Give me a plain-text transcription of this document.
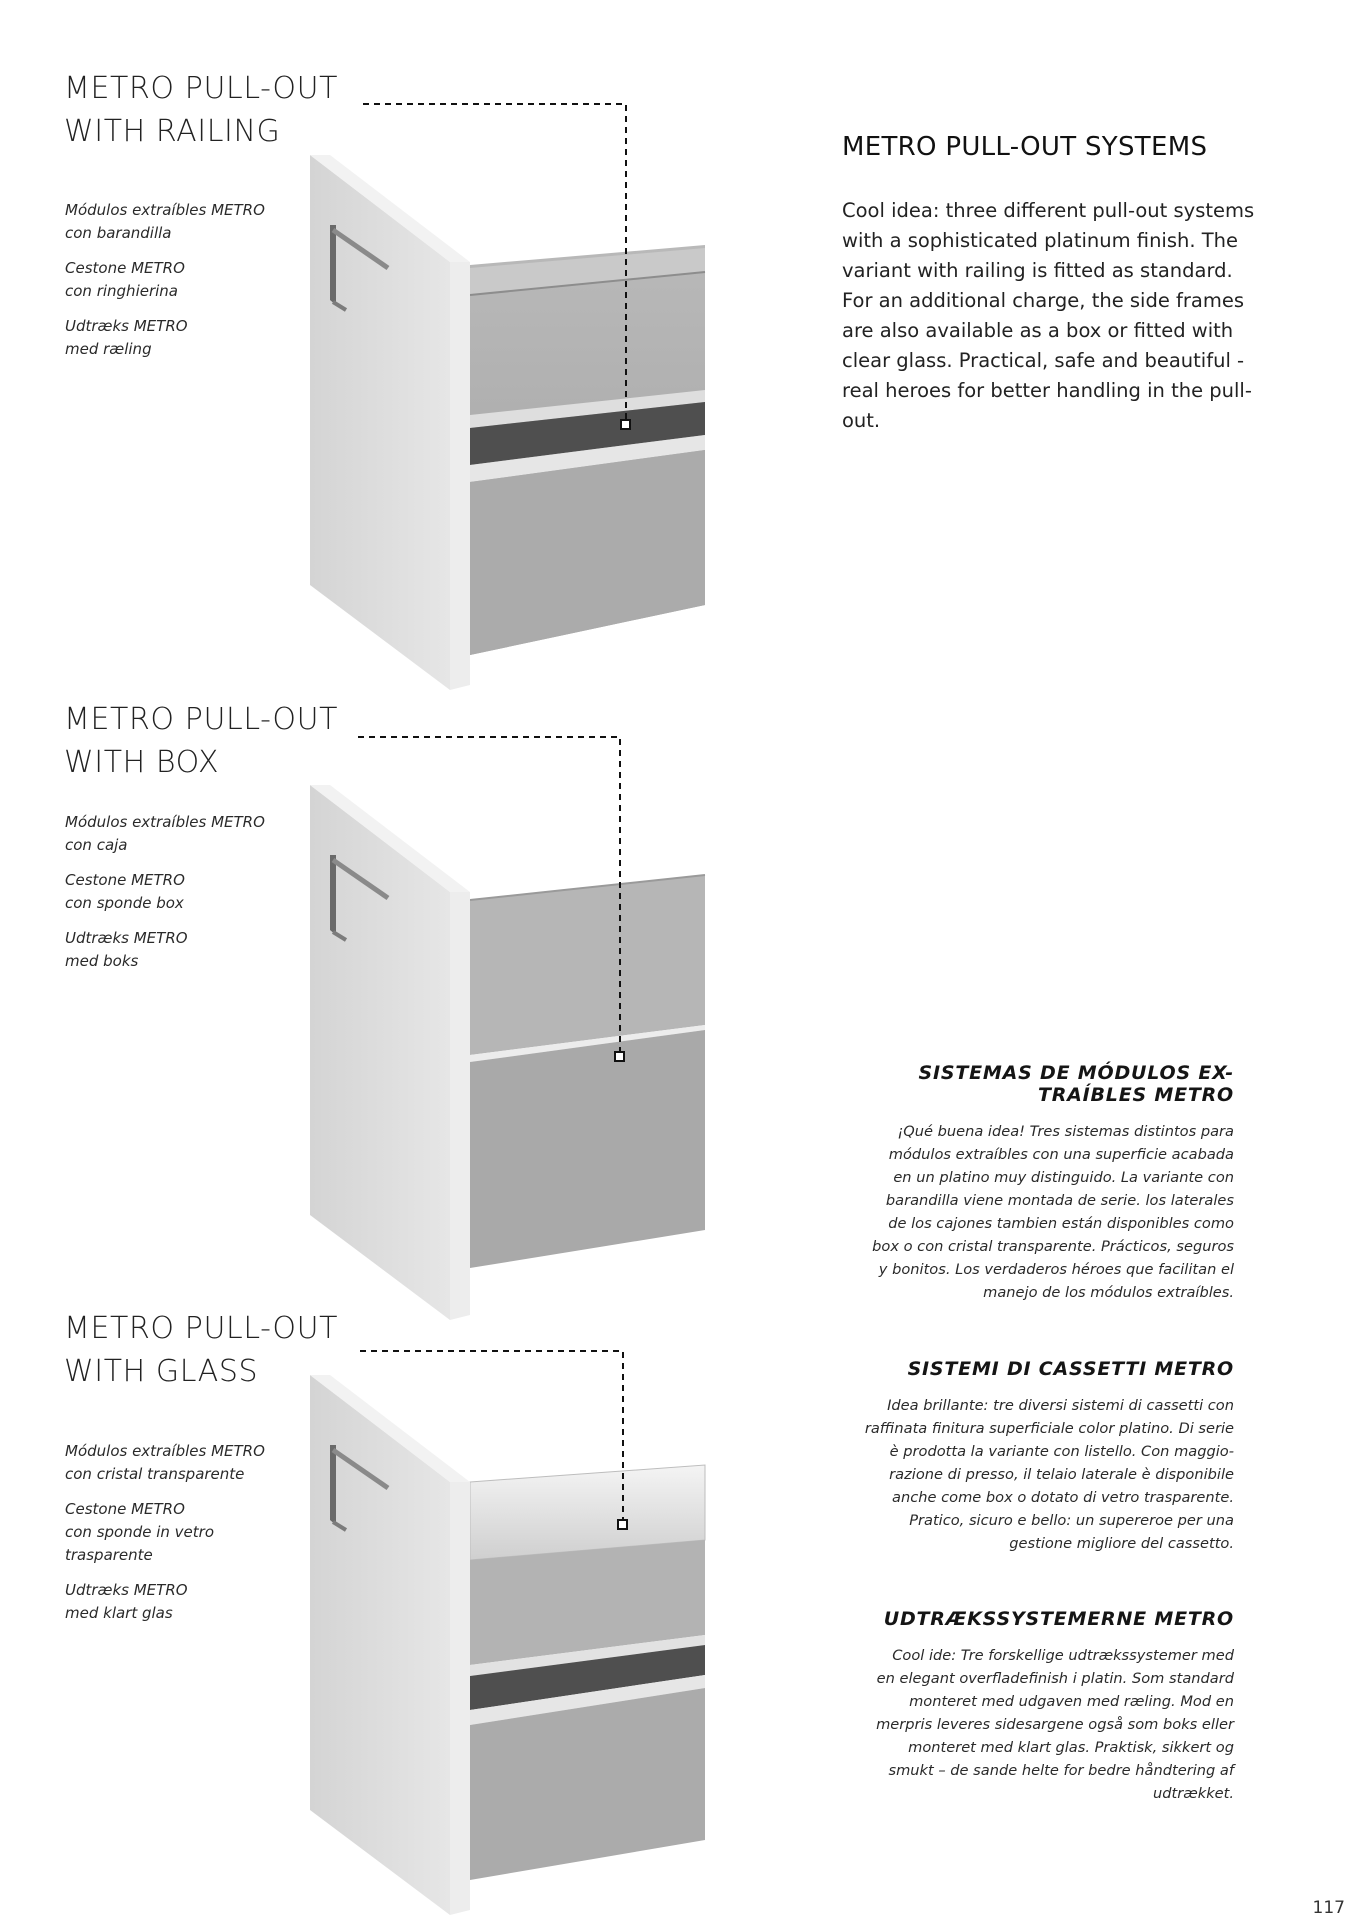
METRO PULL-OUT
WITH RAILING

Módulos extraíbles METRO
con barandilla

Cestone METRO
con ringhierina

Udtræks METRO
med ræling

METRO PULL-OUT
WITH BOX

Módulos extraíbles METRO
con caja

Cestone METRO
con sponde box

Udtræks METRO
med boks

METRO PULL-OUT
WITH GLASS

Módulos extraíbles METRO
con cristal transparente

Cestone METRO
con sponde in vetro
trasparente

Udtræks METRO
med klart glas

METRO PULL-OUT SYSTEMS

Cool idea: three different pull-out systems with a sophisticated platinum finish. The variant with railing is fitted as standard. For an additional charge, the side frames are also available as a box or fitted with clear glass. Practical, safe and beautiful - real heroes for better handling in the pull-out.

SISTEMAS DE MÓDULOS EX-
TRAÍBLES METRO

¡Qué buena idea! Tres sistemas distintos para
módulos extraíbles con una superficie acabada
en un platino muy distinguido. La variante con
barandilla viene montada de serie. los laterales
de los cajones tambien están disponibles como
box o con cristal transparente. Prácticos, seguros
y bonitos. Los verdaderos héroes que facilitan el
manejo de los módulos extraíbles.

SISTEMI DI CASSETTI METRO

Idea brillante: tre diversi sistemi di cassetti con
raffinata finitura superficiale color platino. Di serie
è prodotta la variante con listello. Con maggio-
razione di presso, il telaio laterale è disponibile
anche come box o dotato di vetro trasparente.
Pratico, sicuro e bello: un supereroe per una
gestione migliore del cassetto.

UDTRÆKSSYSTEMERNE METRO

Cool ide: Tre forskellige udtrækssystemer med
en elegant overfladefinish i platin. Som standard
monteret med udgaven med ræling. Mod en
merpris leveres sidesargene også som boks eller
monteret med klart glas. Praktisk, sikkert og
smukt – de sande helte for bedre håndtering af
udtrækket.

117
